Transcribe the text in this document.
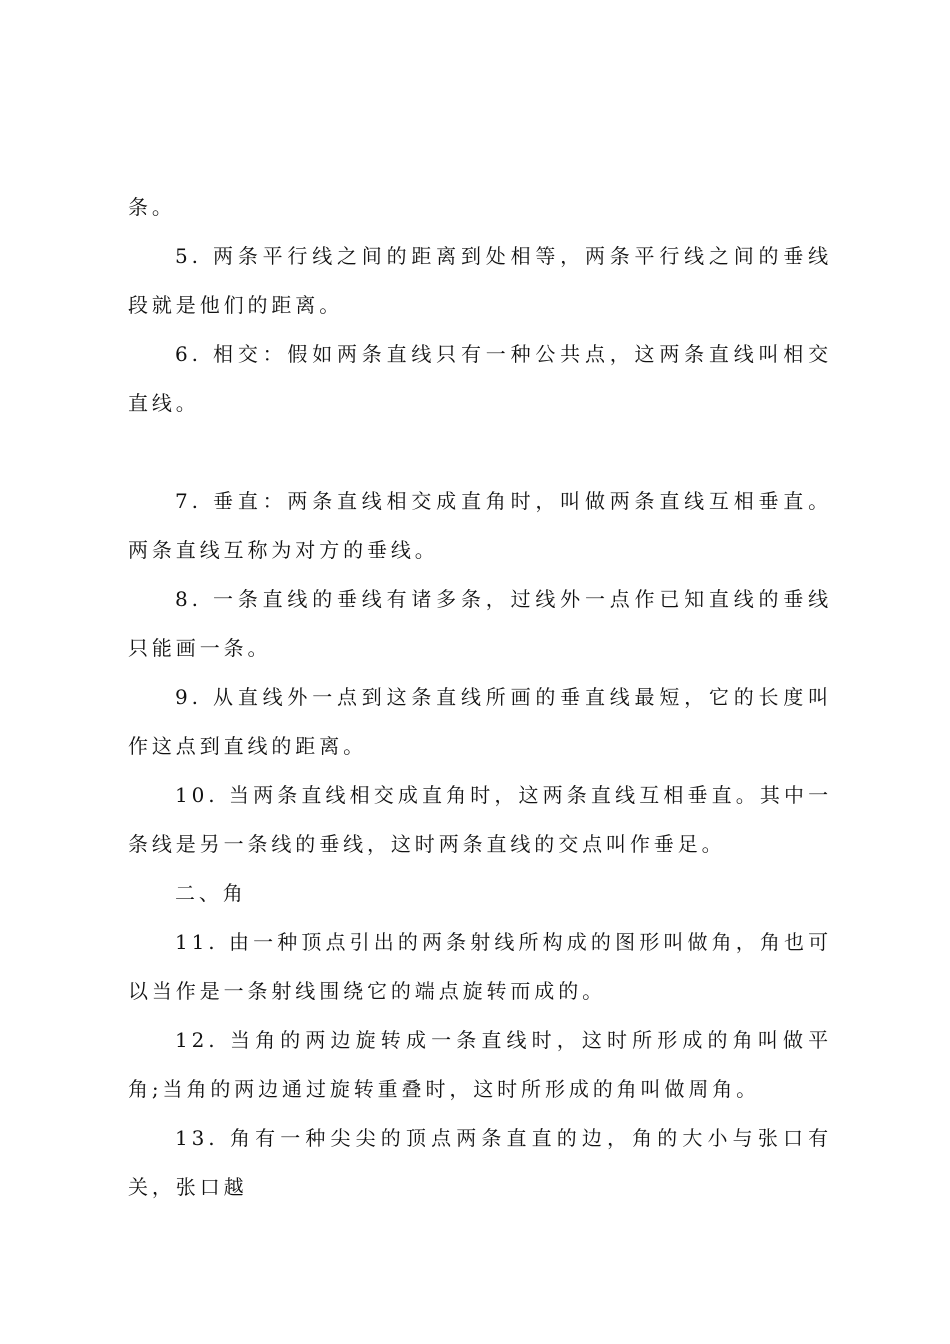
条。

5. 两条平行线之间的距离到处相等，两条平行线之间的垂线段就是他们的距离。

6. 相交：假如两条直线只有一种公共点，这两条直线叫相交直线。

7. 垂直：两条直线相交成直角时，叫做两条直线互相垂直。两条直线互称为对方的垂线。

8. 一条直线的垂线有诸多条，过线外一点作已知直线的垂线只能画一条。

9. 从直线外一点到这条直线所画的垂直线最短，它的长度叫作这点到直线的距离。

10. 当两条直线相交成直角时，这两条直线互相垂直。其中一条线是另一条线的垂线，这时两条直线的交点叫作垂足。

二、角

11. 由一种顶点引出的两条射线所构成的图形叫做角，角也可以当作是一条射线围绕它的端点旋转而成的。

12. 当角的两边旋转成一条直线时，这时所形成的角叫做平角;当角的两边通过旋转重叠时，这时所形成的角叫做周角。

13. 角有一种尖尖的顶点两条直直的边，角的大小与张口有关，张口越
